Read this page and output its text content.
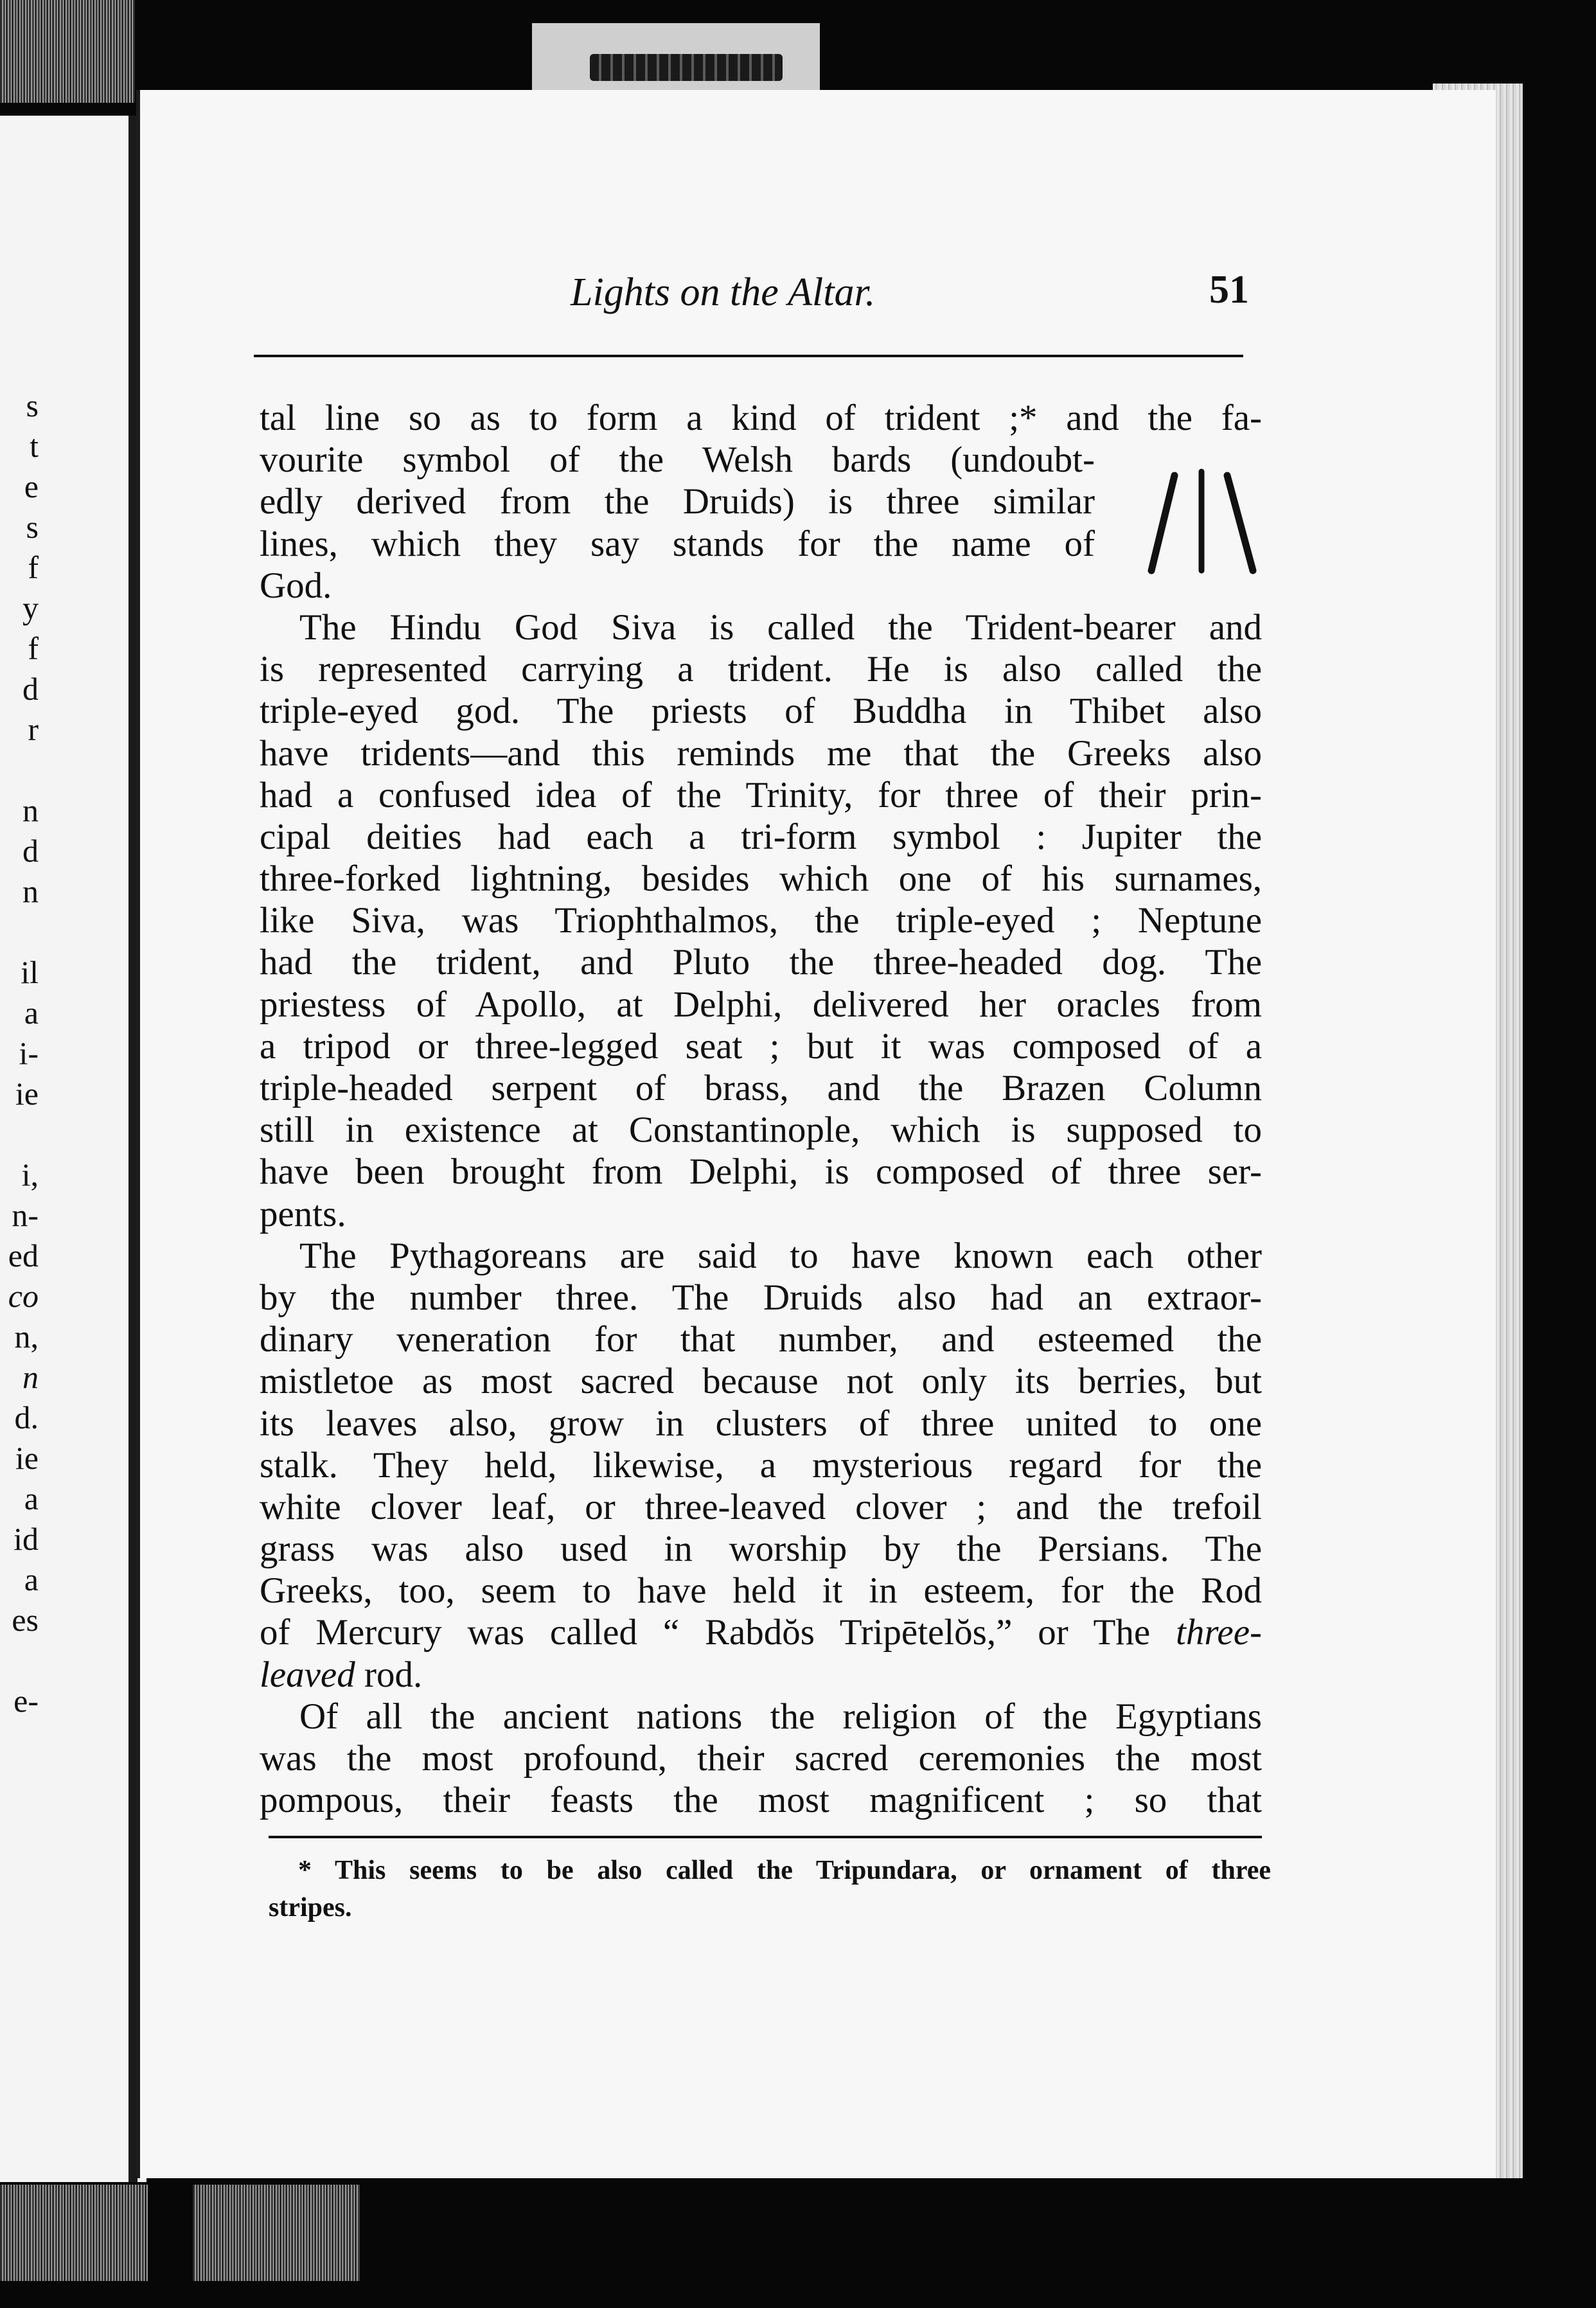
s
t
e
s
f
y
f
d
r
n
d
n
il
a
i-
ie
i,
n-
ed
co
n,
n
d.
ie
a
id
a
es
e-
Lights on the Altar.	51
tal line so as to form a kind of trident ;* and the fa-
vourite symbol of the Welsh bards (undoubt-
edly derived from the Druids) is three similar
lines, which they say stands for the name of
God.
The Hindu God Siva is called the Trident-bearer and
is represented carrying a trident. He is also called the
triple-eyed god. The priests of Buddha in Thibet also
have tridents—and this reminds me that the Greeks also
had a confused idea of the Trinity, for three of their prin-
cipal deities had each a tri-form symbol : Jupiter the
three-forked lightning, besides which one of his surnames,
like Siva, was Triophthalmos, the triple-eyed ; Neptune
had the trident, and Pluto the three-headed dog. The
priestess of Apollo, at Delphi, delivered her oracles from
a tripod or three-legged seat ; but it was composed of a
triple-headed serpent of brass, and the Brazen Column
still in existence at Constantinople, which is supposed to
have been brought from Delphi, is composed of three ser-
pents.
The Pythagoreans are said to have known each other
by the number three. The Druids also had an extraor-
dinary veneration for that number, and esteemed the
mistletoe as most sacred because not only its berries, but
its leaves also, grow in clusters of three united to one
stalk. They held, likewise, a mysterious regard for the
white clover leaf, or three-leaved clover ; and the trefoil
grass was also used in worship by the Persians. The
Greeks, too, seem to have held it in esteem, for the Rod
of Mercury was called “ Rabdŏs Tripētelŏs,” or The three-
leaved rod.
Of all the ancient nations the religion of the Egyptians
was the most profound, their sacred ceremonies the most
pompous, their feasts the most magnificent ; so that
* This seems to be also called the Tripundara, or ornament of three
stripes.
